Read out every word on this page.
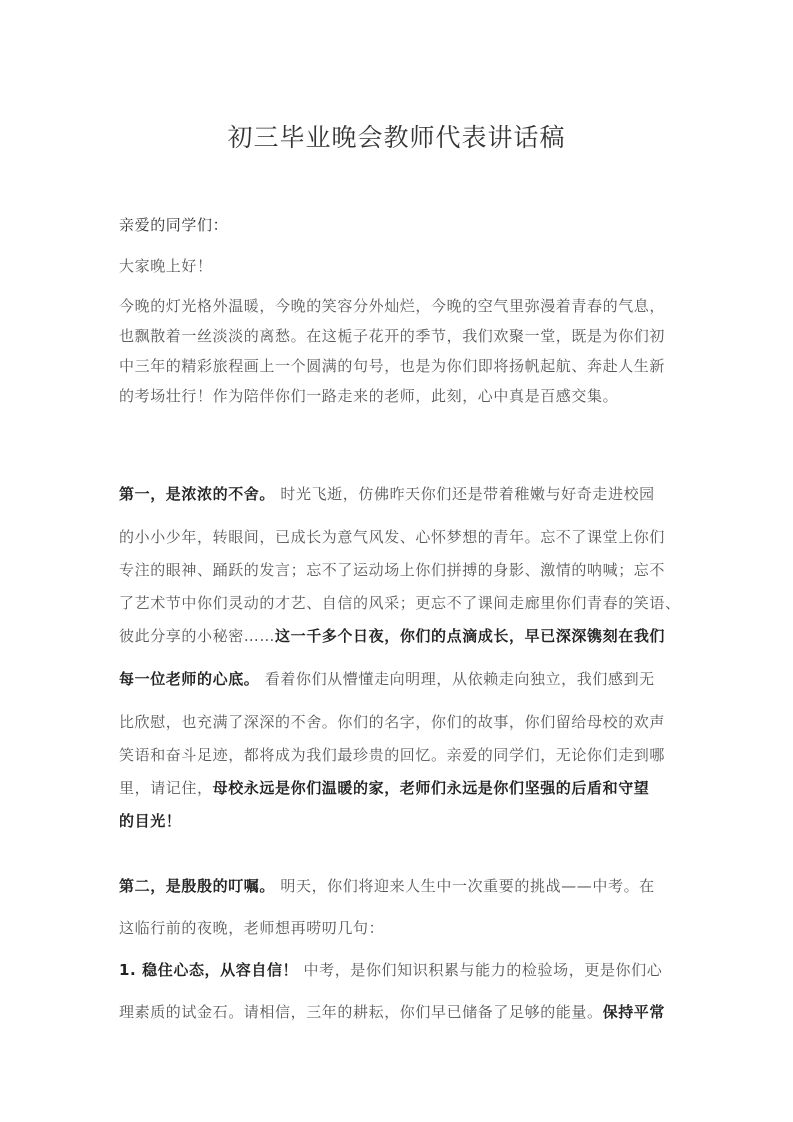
初三毕业晚会教师代表讲话稿

亲爱的同学们：

大家晚上好！

今晚的灯光格外温暖，今晚的笑容分外灿烂，今晚的空气里弥漫着青春的气息，
也飘散着一丝淡淡的离愁。在这栀子花开的季节，我们欢聚一堂，既是为你们初
中三年的精彩旅程画上一个圆满的句号，也是为你们即将扬帆起航、奔赴人生新
的考场壮行！作为陪伴你们一路走来的老师，此刻，心中真是百感交集。

第一，是浓浓的不舍。 时光飞逝，仿佛昨天你们还是带着稚嫩与好奇走进校园
的小小少年，转眼间，已成长为意气风发、心怀梦想的青年。忘不了课堂上你们
专注的眼神、踊跃的发言；忘不了运动场上你们拼搏的身影、激情的呐喊；忘不
了艺术节中你们灵动的才艺、自信的风采；更忘不了课间走廊里你们青春的笑语、
彼此分享的小秘密……这一千多个日夜，你们的点滴成长，早已深深镌刻在我们
每一位老师的心底。 看着你们从懵懂走向明理，从依赖走向独立，我们感到无
比欣慰，也充满了深深的不舍。你们的名字，你们的故事，你们留给母校的欢声
笑语和奋斗足迹，都将成为我们最珍贵的回忆。亲爱的同学们，无论你们走到哪
里，请记住，母校永远是你们温暖的家，老师们永远是你们坚强的后盾和守望
的目光！

第二，是殷殷的叮嘱。 明天，你们将迎来人生中一次重要的挑战——中考。在
这临行前的夜晚，老师想再唠叨几句：
1. 稳住心态，从容自信！ 中考，是你们知识积累与能力的检验场，更是你们心
理素质的试金石。请相信，三年的耕耘，你们早已储备了足够的能量。保持平常
